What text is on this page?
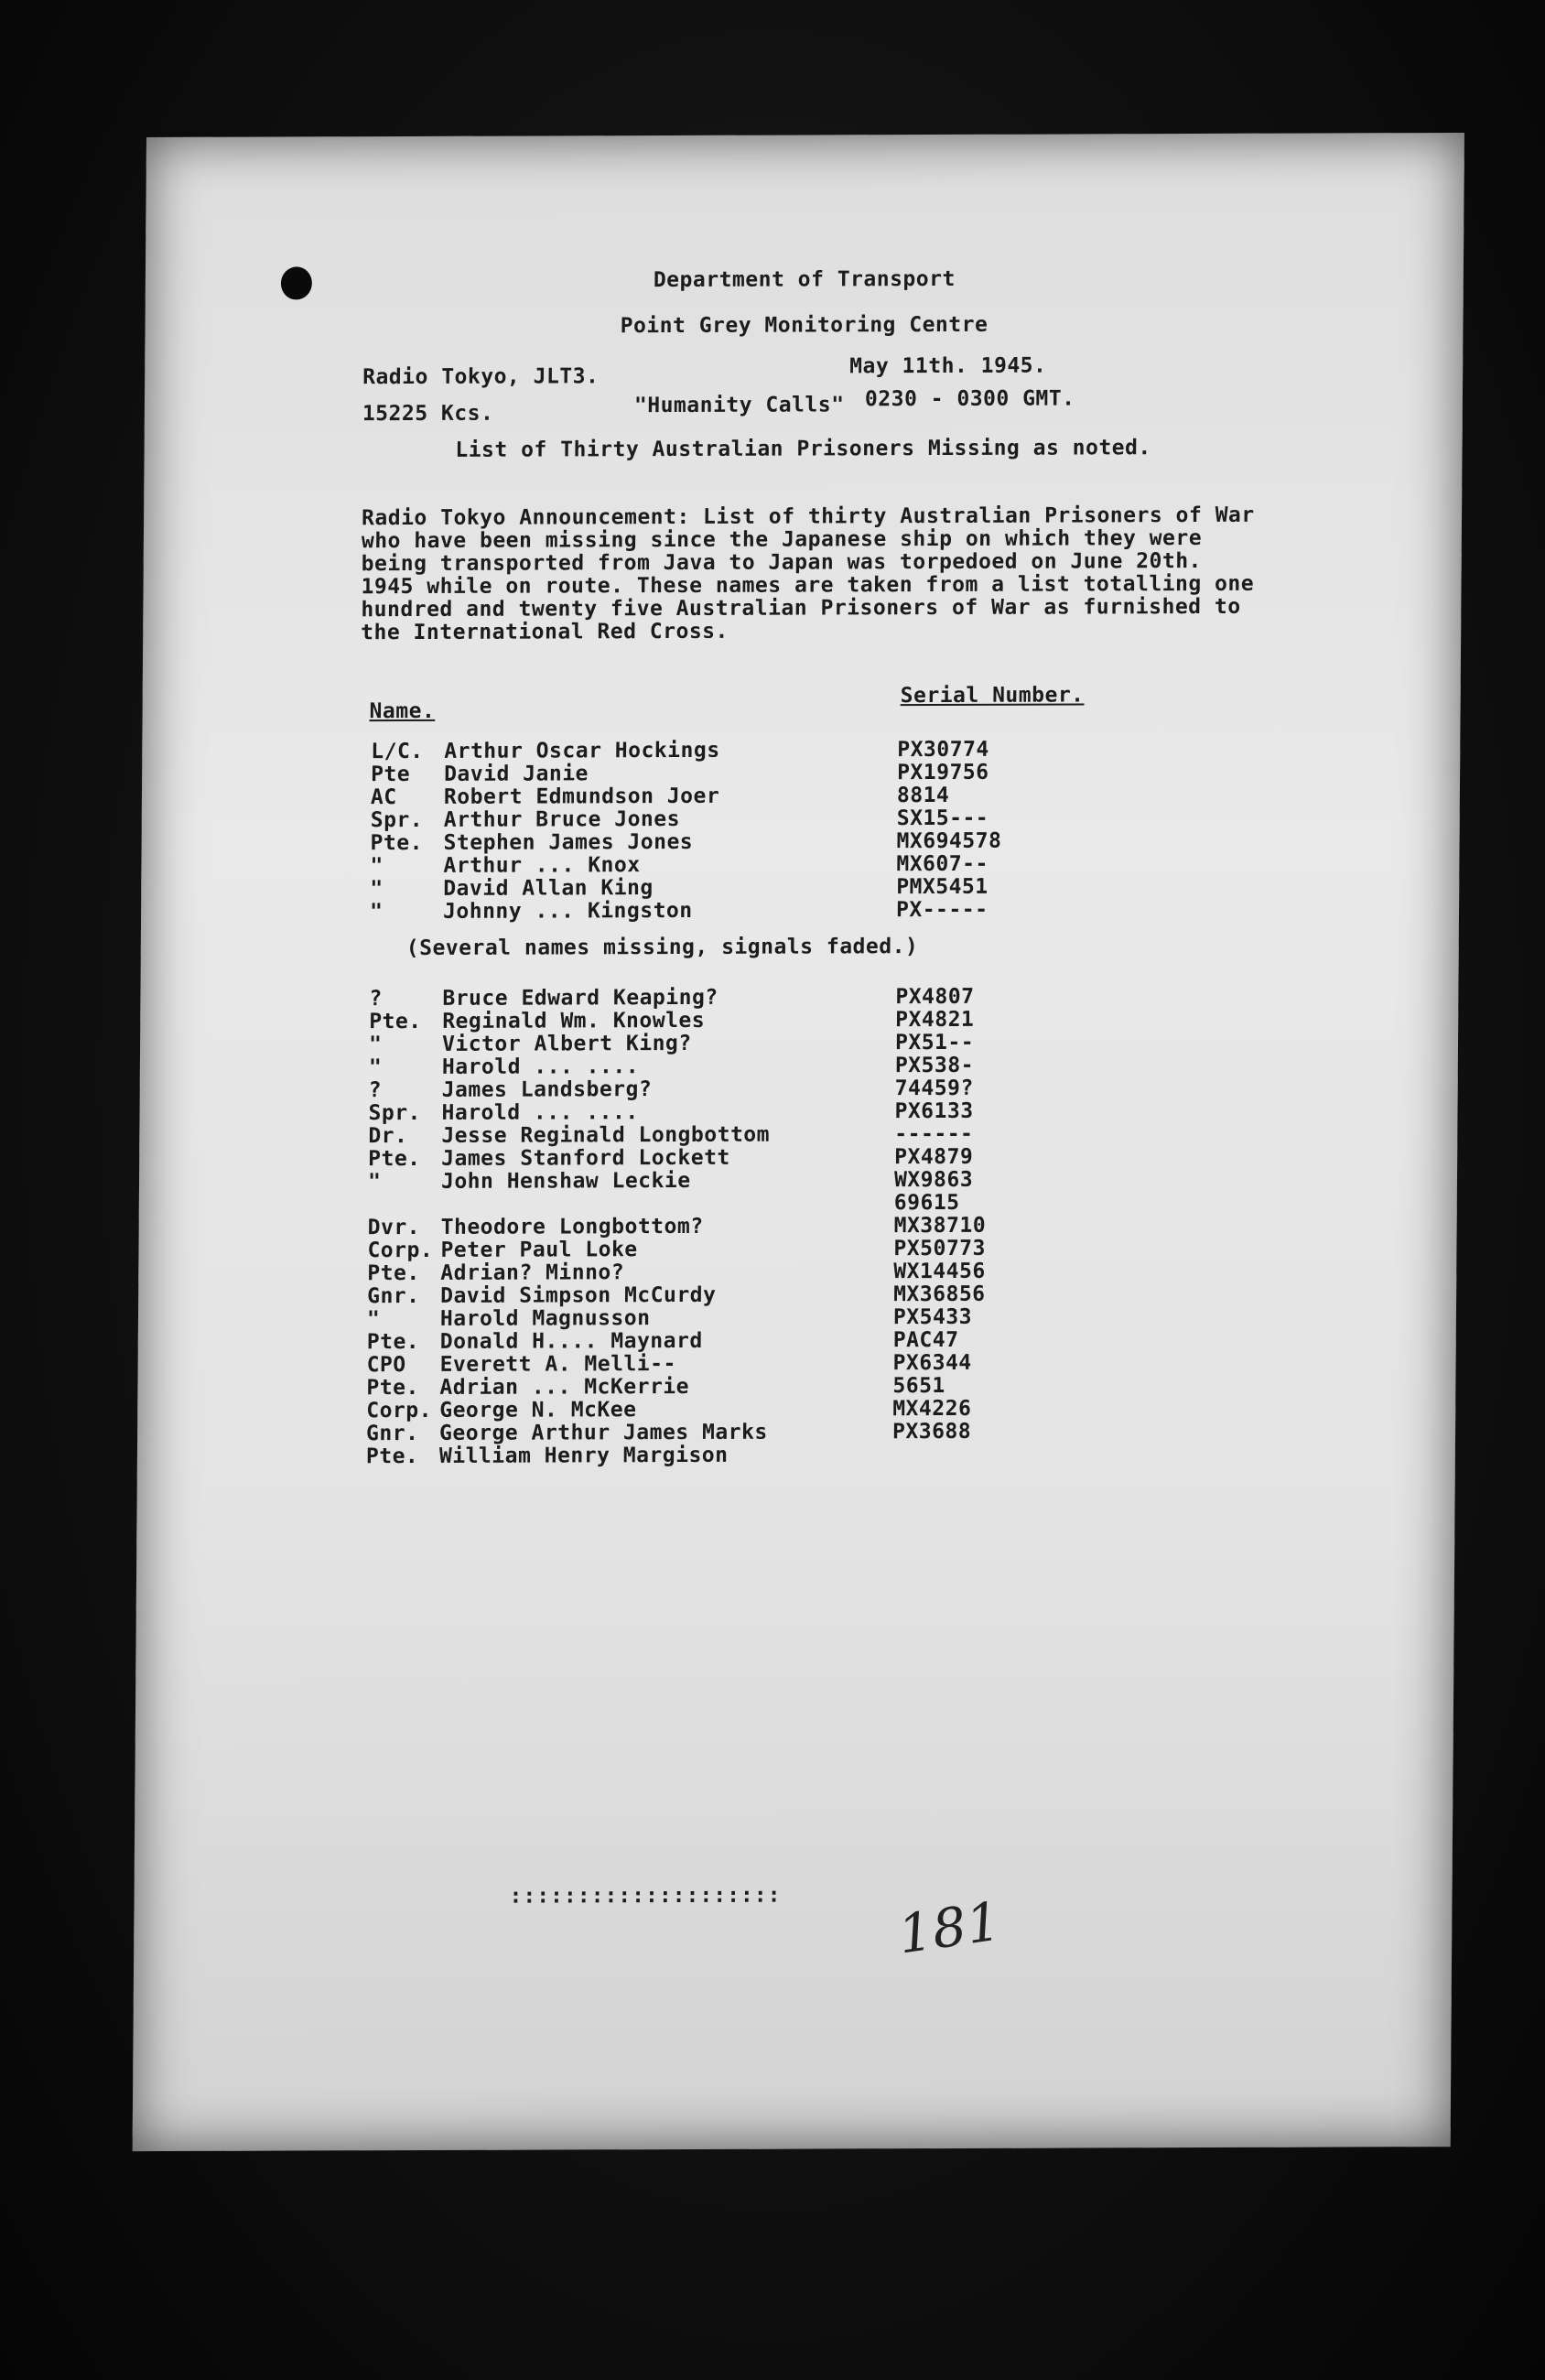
Department of Transport
Point Grey Monitoring Centre
Radio Tokyo, JLT3.	May 11th. 1945.
15225 Kcs.	"Humanity Calls" 0230 - 0300 GMT.
List of Thirty Australian Prisoners Missing as noted.
Radio Tokyo Announcement: List of thirty Australian Prisoners of War who have been missing since the Japanese ship on which they were being transported from Java to Japan was torpedoed on June 20th. 1945 while on route. These names are taken from a list totalling one hundred and twenty five Australian Prisoners of War as furnished to the International Red Cross.
Name.
Serial Number.
L/C. Arthur Oscar Hockings	PX30774
Pte	David Janie	PX19756
AC	Robert Edmundson Joer	8814
Spr. Arthur Bruce Jones	SX15---
Pte. Stephen James Jones	MX694578
"	Arthur ... Knox	MX607--
"	David Allan King	PMX5451
"	Johnny ... Kingston	PX-----
(Several names missing, signals faded.)
?	Bruce Edward Keaping?	PX4807
Pte. Reginald Wm. Knowles	PX4821
"	Victor Albert King?	PX51--
"	Harold ... ....	PX538-
?	James Landsberg?	74459?
Spr. Harold ... ....	PX6133
Dr.	Jesse Reginald Longbottom	------
Pte. James Stanford Lockett	PX4879
"	John Henshaw Leckie	WX9863
69615
Dvr. Theodore Longbottom?	MX38710
Corp. Peter Paul Loke	PX50773
Pte. Adrian? Minno?	WX14456
Gnr. David Simpson McCurdy	MX36856
"	Harold Magnusson	PX5433
Pte. Donald H.... Maynard	PAC47
CPO	Everett A. Melli--	PX6344
Pte. Adrian ... McKerrie	5651
Corp. George N. McKee	MX4226
Gnr. George Arthur James Marks	PX3688
Pte. William Henry Margison
:::::::::::::::::::: 181
